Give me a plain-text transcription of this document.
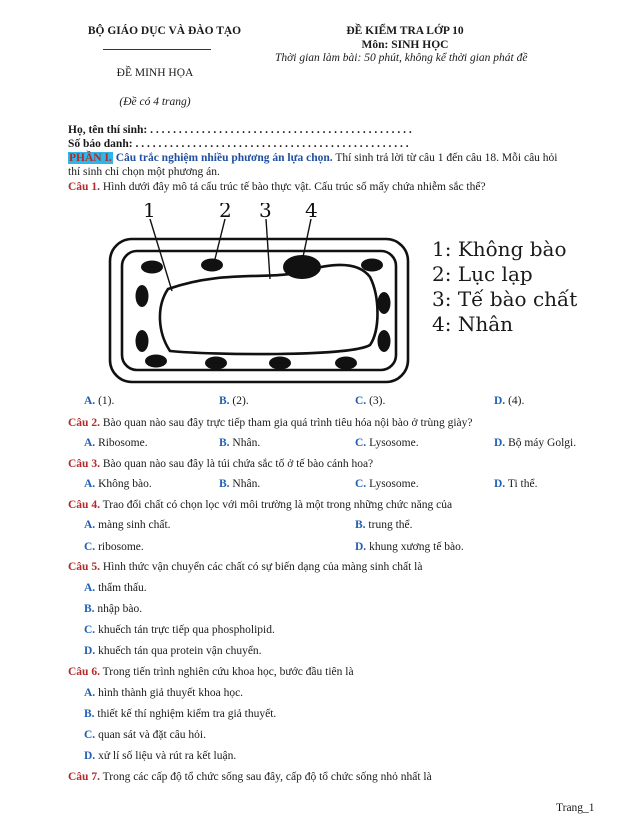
BỘ GIÁO DỤC VÀ ĐÀO TẠO	ĐỀ KIỂM TRA LỚP 10
Môn: SINH HỌC
Thời gian làm bài: 50 phút, không kể thời gian phát đề
ĐỀ MINH HỌA
(Đề có 4 trang)
Họ, tên thí sinh: . . . . . . . . . . . . . . . . . . . . . . . . . . . . . . . . . . . . . . . . . . . . . .
Số báo danh: . . . . . . . . . . . . . . . . . . . . . . . . . . . . . . . . . . . . . . . . . . . . . . . .
PHẦN I. Câu trắc nghiệm nhiều phương án lựa chọn. Thí sinh trả lời từ câu 1 đến câu 18. Mỗi câu hỏi
thí sinh chỉ chọn một phương án.
Câu 1. Hình dưới đây mô tả cấu trúc tế bào thực vật. Cấu trúc số mấy chứa nhiễm sắc thể?
1	2 3 4
1: Không bào
2: Lục lạp
3: Tế bào chất
4: Nhân
A. (1).	B. (2).	C. (3).	D. (4).
Câu 2. Bào quan nào sau đây trực tiếp tham gia quá trình tiêu hóa nội bào ở trùng giày?
A. Ribosome.	B. Nhân.	C. Lysosome.	D. Bộ máy Golgi.
Câu 3. Bào quan nào sau đây là túi chứa sắc tố ở tế bào cánh hoa?
A. Không bào.	B. Nhân.	C. Lysosome.	D. Ti thể.
Câu 4. Trao đổi chất có chọn lọc với môi trường là một trong những chức năng của
A. màng sinh chất.	B. trung thể.
C. ribosome.	D. khung xương tế bào.
Câu 5. Hình thức vận chuyển các chất có sự biến dạng của màng sinh chất là
A. thẩm thấu.
B. nhập bào.
C. khuếch tán trực tiếp qua phospholipid.
D. khuếch tán qua protein vận chuyển.
Câu 6. Trong tiến trình nghiên cứu khoa học, bước đầu tiên là
A. hình thành giả thuyết khoa học.
B. thiết kế thí nghiệm kiểm tra giả thuyết.
C. quan sát và đặt câu hỏi.
D. xử lí số liệu và rút ra kết luận.
Câu 7. Trong các cấp độ tổ chức sống sau đây, cấp độ tổ chức sống nhỏ nhất là
Trang_1
